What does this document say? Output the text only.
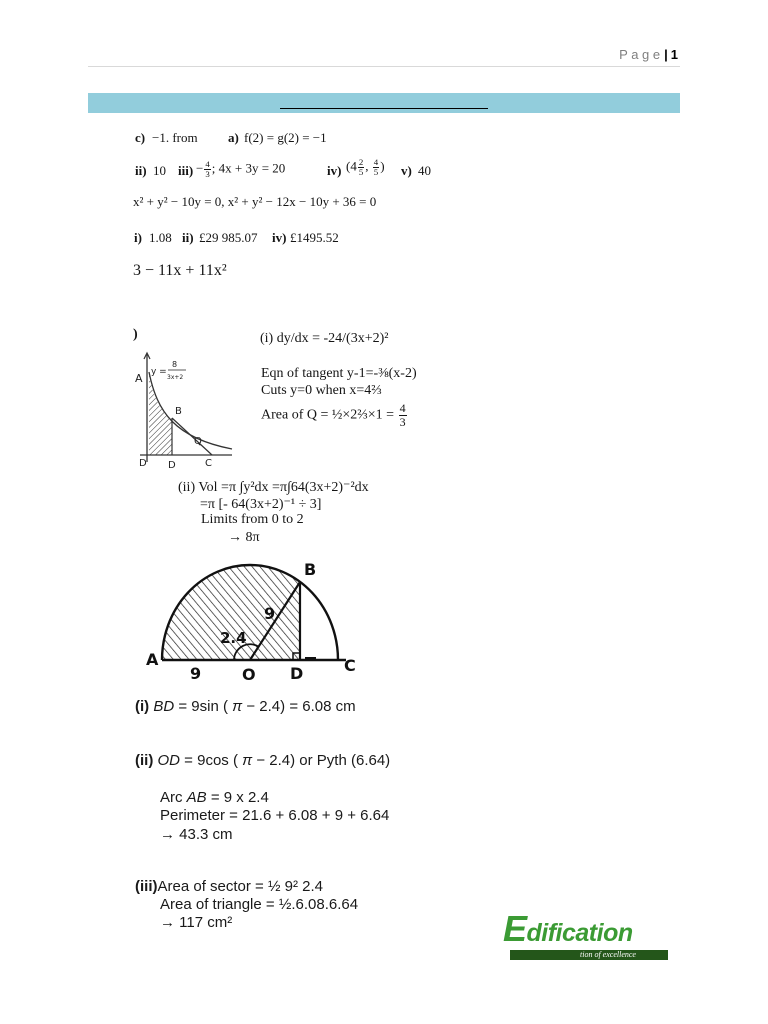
P a g e | 1
c) −1. from a) f(2) = g(2) = −1
ii) 10 $iii) - \frac{4}{3}$ ; 4x + 3y = 20	iv) ($4 \frac{2}{5}$ , $\frac{4}{5}$ ) v) 40
x² + y² − 10y = 0, x² + y² − 12x − 10y + 36 = 0
i) 1.08 ii) £29 985.07 iv) £1495.52
3 − 11x + 11x²
)
A y =
8
3x+2
B
Q
D D	C
(i) dy/dx = -24/(3x+2)²
Eqn of tangent y-1=-⅜(x-2)
Cuts y=0 when x=4⅔
Area of Q = ½×2⅔×1 = $\frac{4}{3}$
(ii) Vol =π ∫y²dx =π∫64(3x+2)⁻²dx
=π [- 64(3x+2)⁻¹ ÷ 3]
Limits from 0 to 2
→ 8π
B
A
9	O D	C
2.4
9
(i) BD = 9sin ( π − 2.4) = 6.08 cm
(ii) OD = 9cos ( π − 2.4) or Pyth (6.64)
Arc AB = 9 x 2.4
Perimeter = 21.6 + 6.08 + 9 + 6.64
→ 43.3 cm
(iii)Area of sector = ½ 9² 2.4
Area of triangle = ½.6.08.6.64
→ 117 cm²	Edification
tion of excellence
